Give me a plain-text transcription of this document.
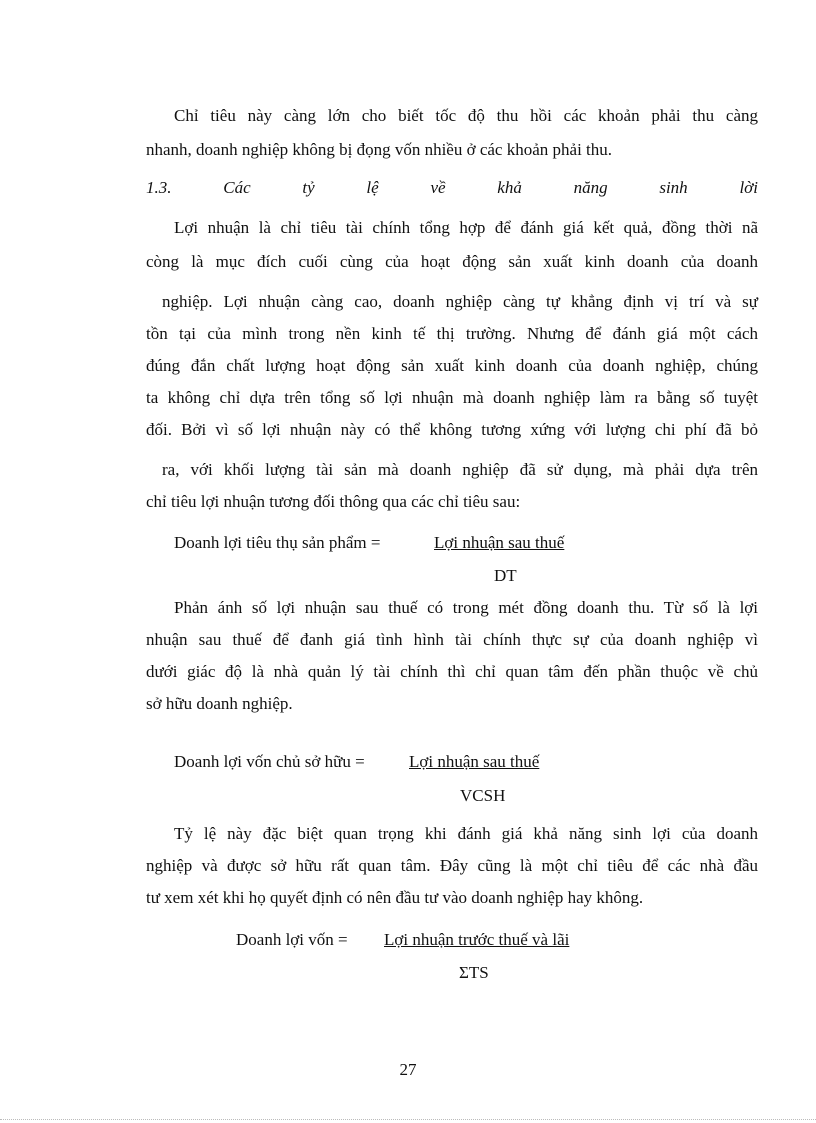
Chỉ tiêu này càng lớn cho biết tốc độ thu hồi các khoản phải thu càng
nhanh, doanh nghiệp không bị đọng vốn nhiều ở các khoản phải thu.
1.3.	Các	tỷ	lệ	về	khả	năng	sinh	lời
Lợi nhuận là chỉ tiêu tài chính tổng hợp để đánh giá kết quả, đồng thời nã
còng là mục đích cuối cùng của hoạt động sản xuất kinh doanh của doanh
nghiệp. Lợi nhuận càng cao, doanh nghiệp càng tự khẳng định vị trí và sự
tồn tại của mình trong nền kinh tế thị trường. Nhưng để đánh giá một cách
đúng đắn chất lượng hoạt động sản xuất kinh doanh của doanh nghiệp, chúng
ta không chỉ dựa trên tổng số lợi nhuận mà doanh nghiệp làm ra bằng số tuyệt
đối. Bởi vì số lợi nhuận này có thể không tương xứng với lượng chi phí đã bỏ
ra, với khối lượng tài sản mà doanh nghiệp đã sử dụng, mà phải dựa trên
chỉ tiêu lợi nhuận tương đối thông qua các chỉ tiêu sau:
Doanh lợi tiêu thụ sản phẩm =	Lợi nhuận sau thuế
DT
Phản ánh số lợi nhuận sau thuế có trong mét đồng doanh thu. Từ số là lợi
nhuận sau thuế để đanh giá tình hình tài chính thực sự của doanh nghiệp vì
dưới giác độ là nhà quản lý tài chính thì chỉ quan tâm đến phần thuộc về chủ
sở hữu doanh nghiệp.
Doanh lợi vốn chủ sở hữu =	Lợi nhuận sau thuế
VCSH
Tỷ lệ này đặc biệt quan trọng khi đánh giá khả năng sinh lợi của doanh
nghiệp và được sở hữu rất quan tâm. Đây cũng là một chỉ tiêu để các nhà đầu
tư xem xét khi họ quyết định có nên đầu tư vào doanh nghiệp hay không.
Doanh lợi vốn = Lợi nhuận trước thuế và lãi
ΣTS
27
